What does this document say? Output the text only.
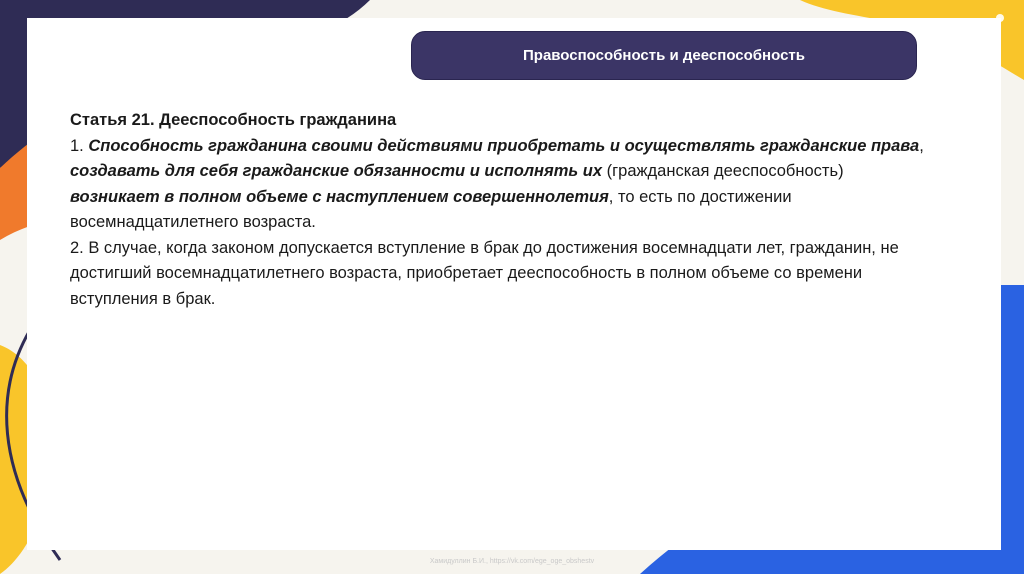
Правоспособность и дееспособность

Статья 21. Дееспособность гражданина

1. Способность гражданина своими действиями приобретать и осуществлять гражданские права, создавать для себя гражданские обязанности и исполнять их (гражданская дееспособность) возникает в полном объеме с наступлением совершеннолетия, то есть по достижении восемнадцатилетнего возраста.

2. В случае, когда законом допускается вступление в брак до достижения восемнадцати лет, гражданин, не достигший восемнадцатилетнего возраста, приобретает дееспособность в полном объеме со времени вступления в брак.

Хамидуллин Б.И., https://vk.com/ege_oge_obshestv
